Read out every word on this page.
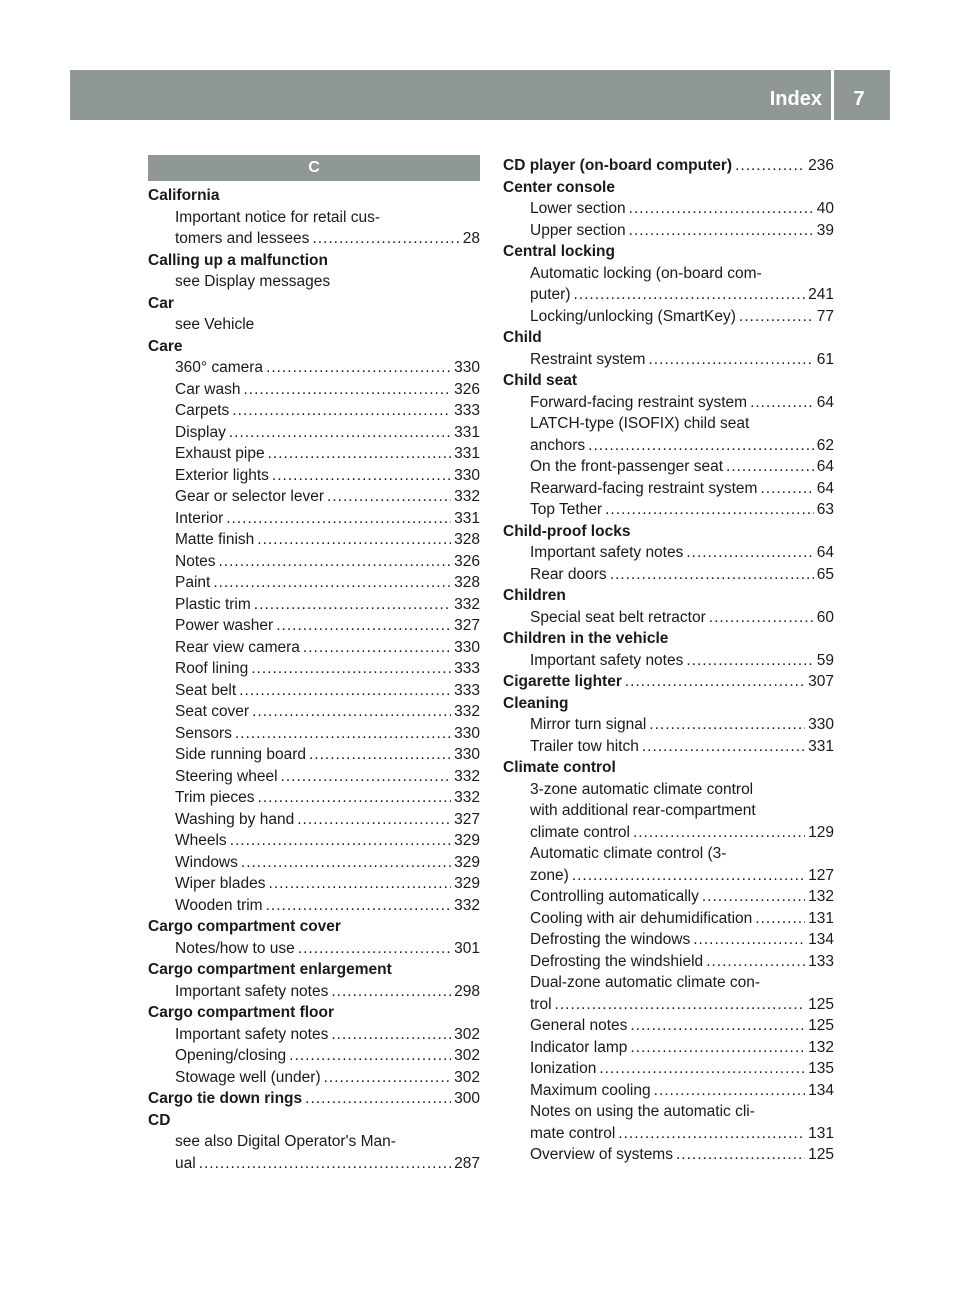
Index	7
C
California
Important notice for retail cus-
tomers and lessees .....	28
Calling up a malfunction
see Display messages
Car
see Vehicle
Care
360° camera .....	330
Car wash .....	326
Carpets .....	333
Display .....	331
Exhaust pipe .....	331
Exterior lights .....	330
Gear or selector lever .....	332
Interior .....	331
Matte finish .....	328
Notes .....	326
Paint .....	328
Plastic trim .....	332
Power washer .....	327
Rear view camera .....	330
Roof lining .....	333
Seat belt .....	333
Seat cover .....	332
Sensors .....	330
Side running board .....	330
Steering wheel .....	332
Trim pieces .....	332
Washing by hand .....	327
Wheels .....	329
Windows .....	329
Wiper blades .....	329
Wooden trim .....	332
Cargo compartment cover
Notes/how to use .....	301
Cargo compartment enlargement
Important safety notes .....	298
Cargo compartment floor
Important safety notes .....	302
Opening/closing .....	302
Stowage well (under) .....	302
Cargo tie down rings .....	300
CD
see also Digital Operator's Man-
ual .....	287
CD player (on-board computer) .....	236
Center console
Lower section .....	40
Upper section .....	39
Central locking
Automatic locking (on-board com-
puter) .....	241
Locking/unlocking (SmartKey) .....	77
Child
Restraint system .....	61
Child seat
Forward-facing restraint system .....	64
LATCH-type (ISOFIX) child seat
anchors .....	62
On the front-passenger seat .....	64
Rearward-facing restraint system .....	64
Top Tether .....	63
Child-proof locks
Important safety notes .....	64
Rear doors .....	65
Children
Special seat belt retractor .....	60
Children in the vehicle
Important safety notes .....	59
Cigarette lighter .....	307
Cleaning
Mirror turn signal .....	330
Trailer tow hitch .....	331
Climate control
3-zone automatic climate control
with additional rear-compartment
climate control .....	129
Automatic climate control (3-
zone) .....	127
Controlling automatically .....	132
Cooling with air dehumidification .....	131
Defrosting the windows .....	134
Defrosting the windshield .....	133
Dual-zone automatic climate con-
trol .....	125
General notes .....	125
Indicator lamp .....	132
Ionization .....	135
Maximum cooling .....	134
Notes on using the automatic cli-
mate control .....	131
Overview of systems .....	125
